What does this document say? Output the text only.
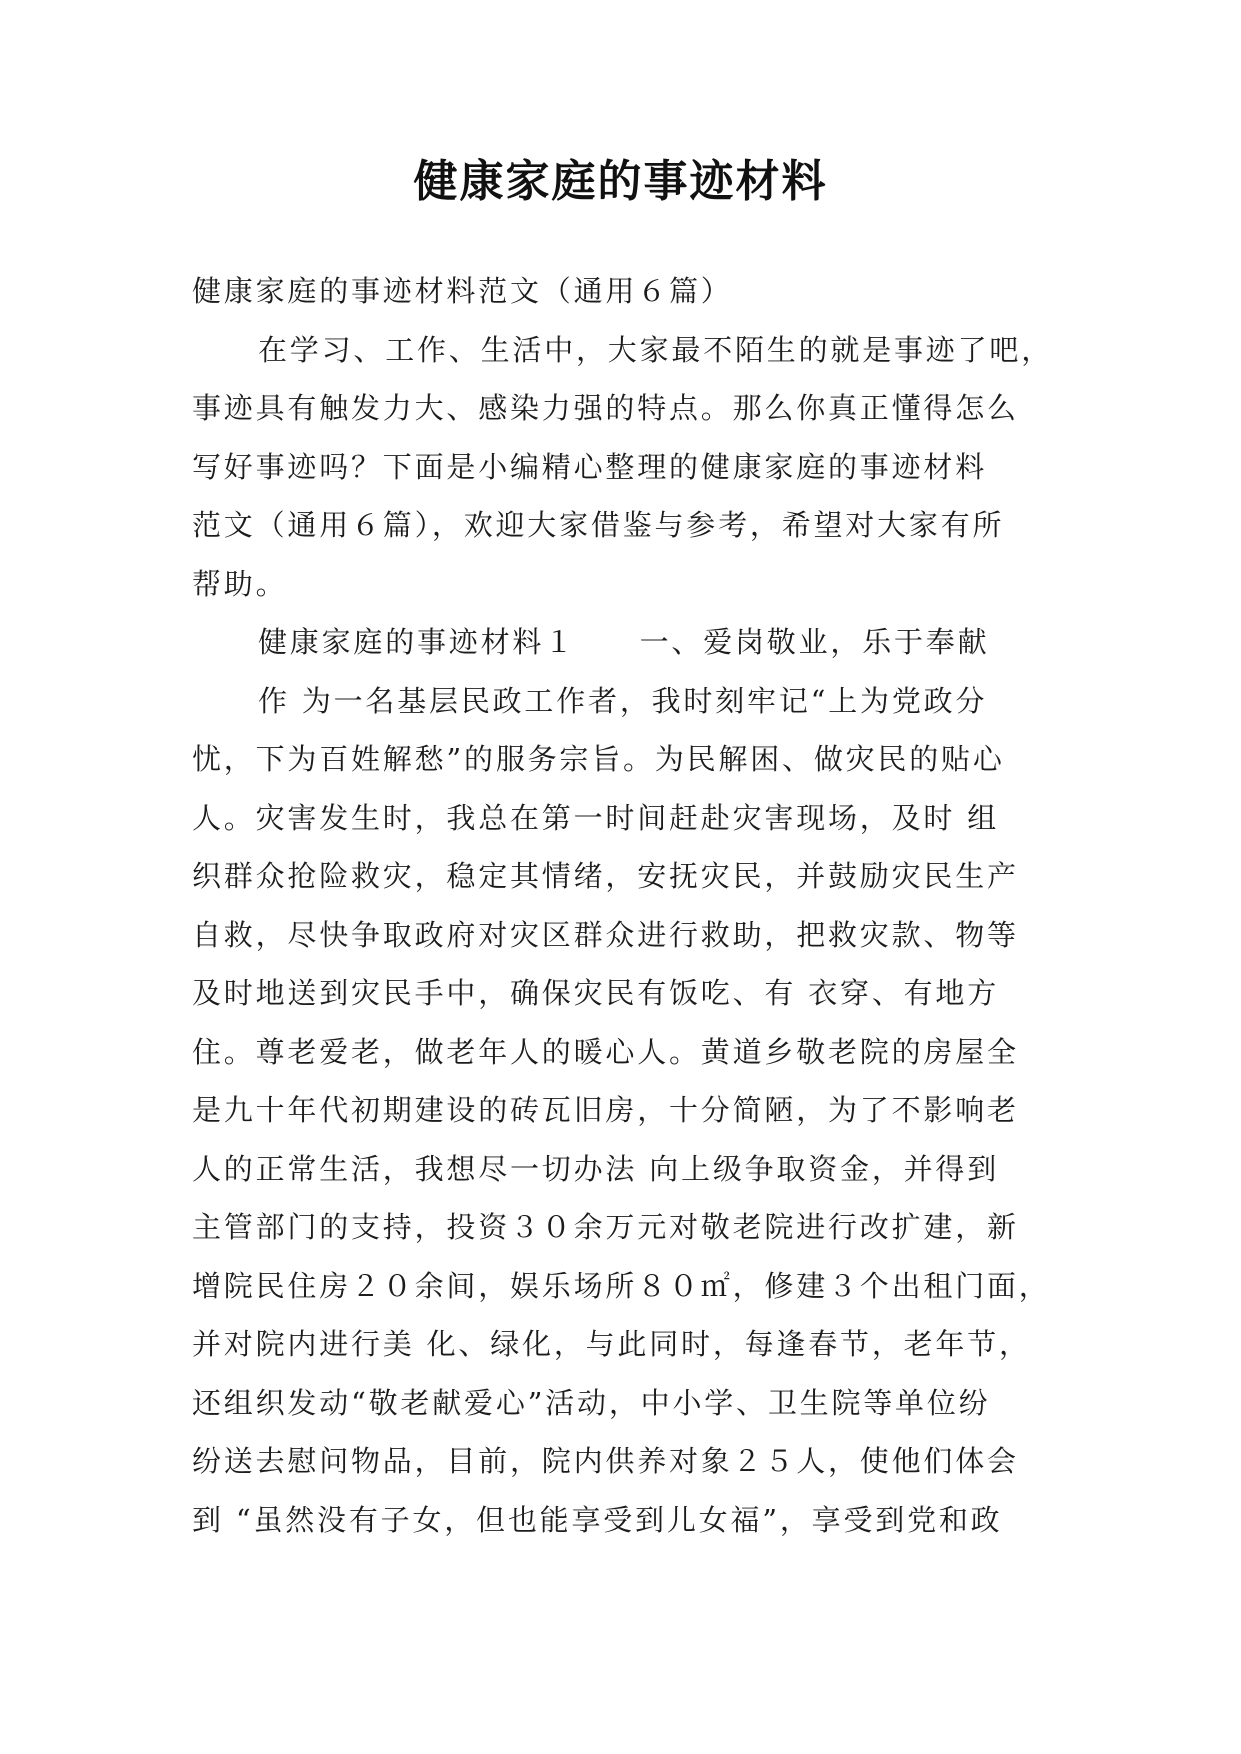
健康家庭的事迹材料
健康家庭的事迹材料范文（通用６篇）
在学习、工作、生活中，大家最不陌生的就是事迹了吧，
事迹具有触发力大、感染力强的特点。那么你真正懂得怎么
写好事迹吗？下面是小编精心整理的健康家庭的事迹材料
范文（通用６篇），欢迎大家借鉴与参考，希望对大家有所
帮助。
健康家庭的事迹材料１　　一、爱岗敬业，乐于奉献
作 为一名基层民政工作者，我时刻牢记“上为党政分
忧，下为百姓解愁”的服务宗旨。为民解困、做灾民的贴心
人。灾害发生时，我总在第一时间赶赴灾害现场，及时 组
织群众抢险救灾，稳定其情绪，安抚灾民，并鼓励灾民生产
自救，尽快争取政府对灾区群众进行救助，把救灾款、物等
及时地送到灾民手中，确保灾民有饭吃、有 衣穿、有地方
住。尊老爱老，做老年人的暖心人。黄道乡敬老院的房屋全
是九十年代初期建设的砖瓦旧房，十分简陋，为了不影响老
人的正常生活，我想尽一切办法 向上级争取资金，并得到
主管部门的支持，投资３０余万元对敬老院进行改扩建，新
增院民住房２０余间，娱乐场所８０㎡，修建３个出租门面，
并对院内进行美 化、绿化，与此同时，每逢春节，老年节，
还组织发动“敬老献爱心”活动，中小学、卫生院等单位纷
纷送去慰问物品，目前，院内供养对象２５人，使他们体会
到 “虽然没有子女，但也能享受到儿女福”，享受到党和政
